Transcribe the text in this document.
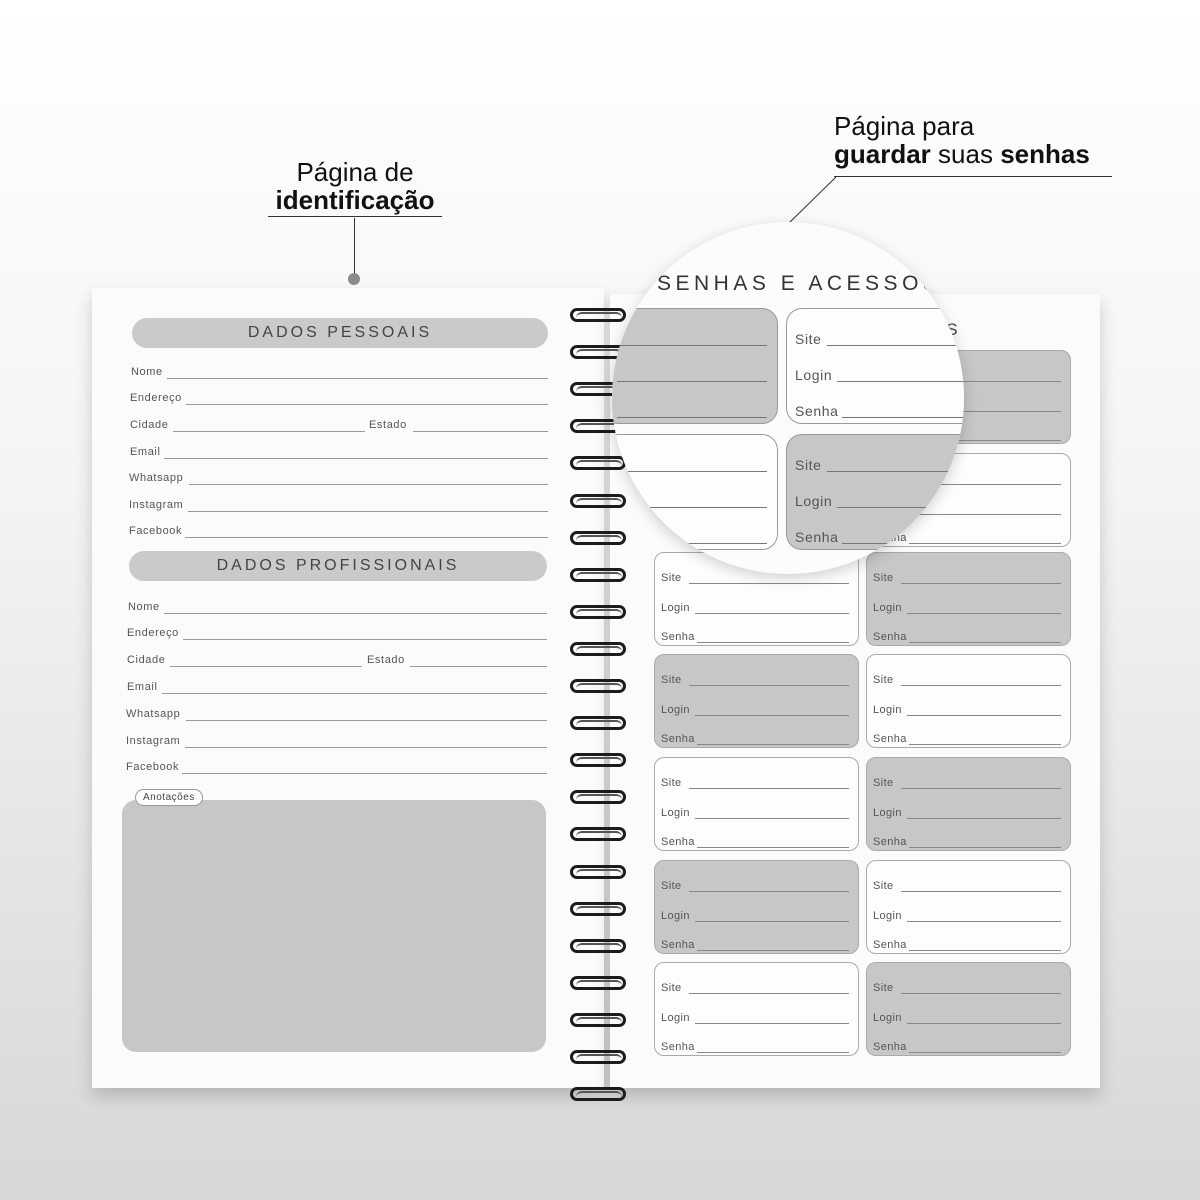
Página de
identificação
Página para
guardar suas senhas
DADOS PESSOAIS
Nome
Endereço
Cidade	Estado
Email
Whatsapp
Instagram
Facebook
DADOS PROFISSIONAIS
Nome
Endereço
Cidade	Estado
Email
Whatsapp
Instagram
Facebook
Anotações
Site
Login
Senha
Site
Login
Senha
Site
Login
Senha
Site
Login
Senha
Site
Login
Senha
Site
Login
Senha
Site
Login
Senha
Site
Login
Senha
Site
Login
Senha
Site
Login
Senha
SENHAS E ACESSOS
Site
Login
Senha
Site
Login
Senha
